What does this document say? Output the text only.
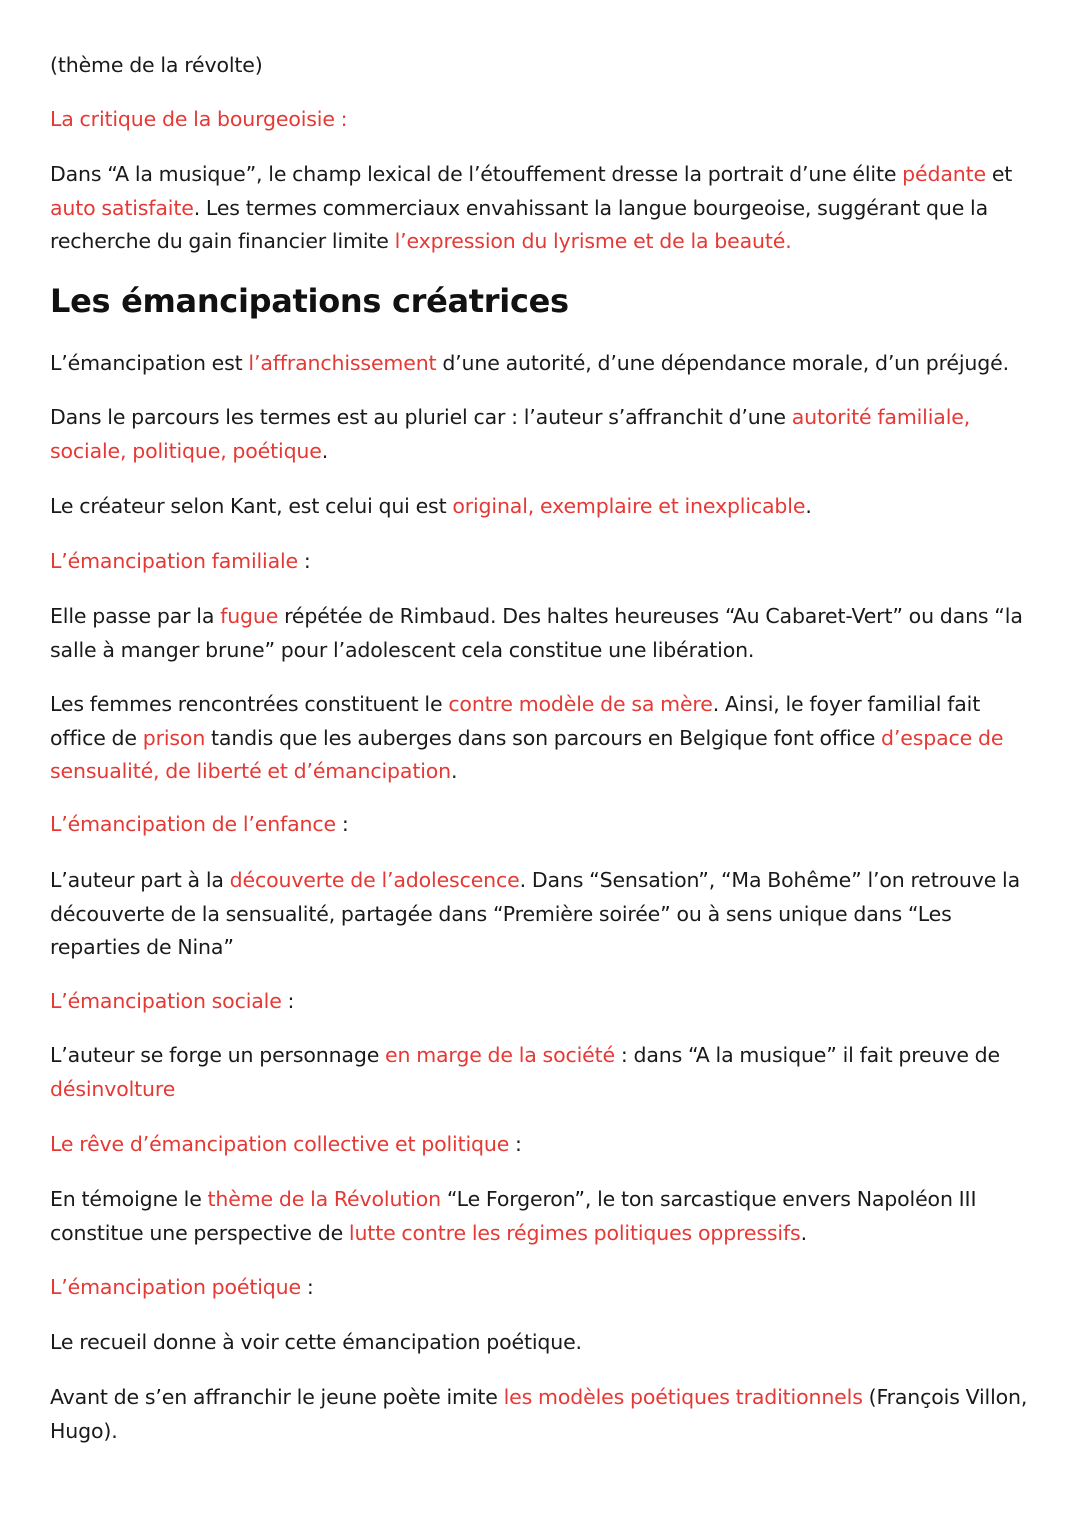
(thème de la révolte)

La critique de la bourgeoisie :

Dans “A la musique”, le champ lexical de l’étouffement dresse la portrait d’une élite pédante et auto satisfaite. Les termes commerciaux envahissant la langue bourgeoise, suggérant que la recherche du gain financier limite l’expression du lyrisme et de la beauté.

Les émancipations créatrices

L’émancipation est l’affranchissement d’une autorité, d’une dépendance morale, d’un préjugé.

Dans le parcours les termes est au pluriel car : l’auteur s’affranchit d’une autorité familiale, sociale, politique, poétique.

Le créateur selon Kant, est celui qui est original, exemplaire et inexplicable.

L’émancipation familiale :

Elle passe par la fugue répétée de Rimbaud. Des haltes heureuses “Au Cabaret-Vert” ou dans “la salle à manger brune” pour l’adolescent cela constitue une libération.

Les femmes rencontrées constituent le contre modèle de sa mère. Ainsi, le foyer familial fait office de prison tandis que les auberges dans son parcours en Belgique font office d’espace de sensualité, de liberté et d’émancipation.

L’émancipation de l’enfance :

L’auteur part à la découverte de l’adolescence. Dans “Sensation”, “Ma Bohême” l’on retrouve la découverte de la sensualité, partagée dans “Première soirée” ou à sens unique dans “Les reparties de Nina”

L’émancipation sociale :

L’auteur se forge un personnage en marge de la société : dans “A la musique” il fait preuve de désinvolture

Le rêve d’émancipation collective et politique :

En témoigne le thème de la Révolution “Le Forgeron”, le ton sarcastique envers Napoléon III constitue une perspective de lutte contre les régimes politiques oppressifs.

L’émancipation poétique :

Le recueil donne à voir cette émancipation poétique.

Avant de s’en affranchir le jeune poète imite les modèles poétiques traditionnels (François Villon, Hugo).
